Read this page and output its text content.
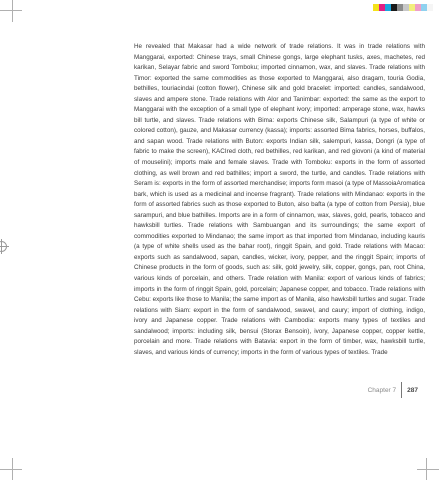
He revealed that Makasar had a wide network of trade relations. It was in trade relations with Manggarai, exported: Chinese trays, small Chinese gongs, large elephant tusks, axes, machetes, red karikan, Selayar fabric and sword Tomboku; imported cinnamon, wax, and slaves. Trade relations with Timor: exported the same commodities as those exported to Manggarai, also dragam, touria Godia, bethilles, touriacindai (cotton flower), Chinese silk and gold bracelet: imported: candles, sandalwood, slaves and ampere stone. Trade relations with Alor and Tanimbar: exported: the same as the export to Manggarai with the exception of a small type of elephant ivory; imported: amperage stone, wax, hawks bill turtle, and slaves. Trade relations with Bima: exports Chinese silk, Salampuri (a type of white or colored cotton), gauze, and Makasar currency (kassa); imports: assorted Bima fabrics, horses, buffalos, and sapan wood. Trade relations with Buton: exports Indian silk, salempuri, kassa, Dongri (a type of fabric to make the screen), KACIred cloth, red bethilles, red karikan, and red giovoni (a kind of material of mouselini); imports male and female slaves. Trade with Tomboku: exports in the form of assorted clothing, as well brown and red bathilles; import a sword, the turtle, and candles. Trade relations with Seram is: exports in the form of assorted merchandise; imports form masoi (a type of MassoiaAromatica bark, which is used as a medicinal and incense fragrant). Trade relations with Mindanao: exports in the form of assorted fabrics such as those exported to Buton, also bafta (a type of cotton from Persia), blue sarampuri, and blue bathilles. Imports are in a form of cinnamon, wax, slaves, gold, pearls, tobacco and hawksbill turtles. Trade relations with Sambuangan and its surroundings; the same export of commodities exported to Mindanao; the same import as that imported from Mindanao, including kauris (a type of white shells used as the bahar root), ringgit Spain, and gold. Trade relations with Macao: exports such as sandalwood, sapan, candles, wicker, ivory, pepper, and the ringgit Spain; imports of Chinese products in the form of goods, such as: silk, gold jewelry, silk, copper, gongs, pan, root China, various kinds of porcelain, and others. Trade relation with Manila: export of various kinds of fabrics; imports in the form of ringgit Spain, gold, porcelain; Japanese copper, and tobacco. Trade relations with Cebu: exports like those to Manila; the same import as of Manila, also hawksbill turtles and sugar. Trade relations with Siam: export in the form of sandalwood, swavel, and caury; import of clothing, indigo, ivory and Japanese copper. Trade relations with Cambodia: exports many types of textiles and sandalwood; imports: including silk, bensui (Storax Bensoin), ivory, Japanese copper, copper kettle, porcelain and more. Trade relations with Batavia: export in the form of timber, wax, hawksbill turtle, slaves, and various kinds of currency; imports in the form of various types of textiles. Trade

Chapter 7	287
